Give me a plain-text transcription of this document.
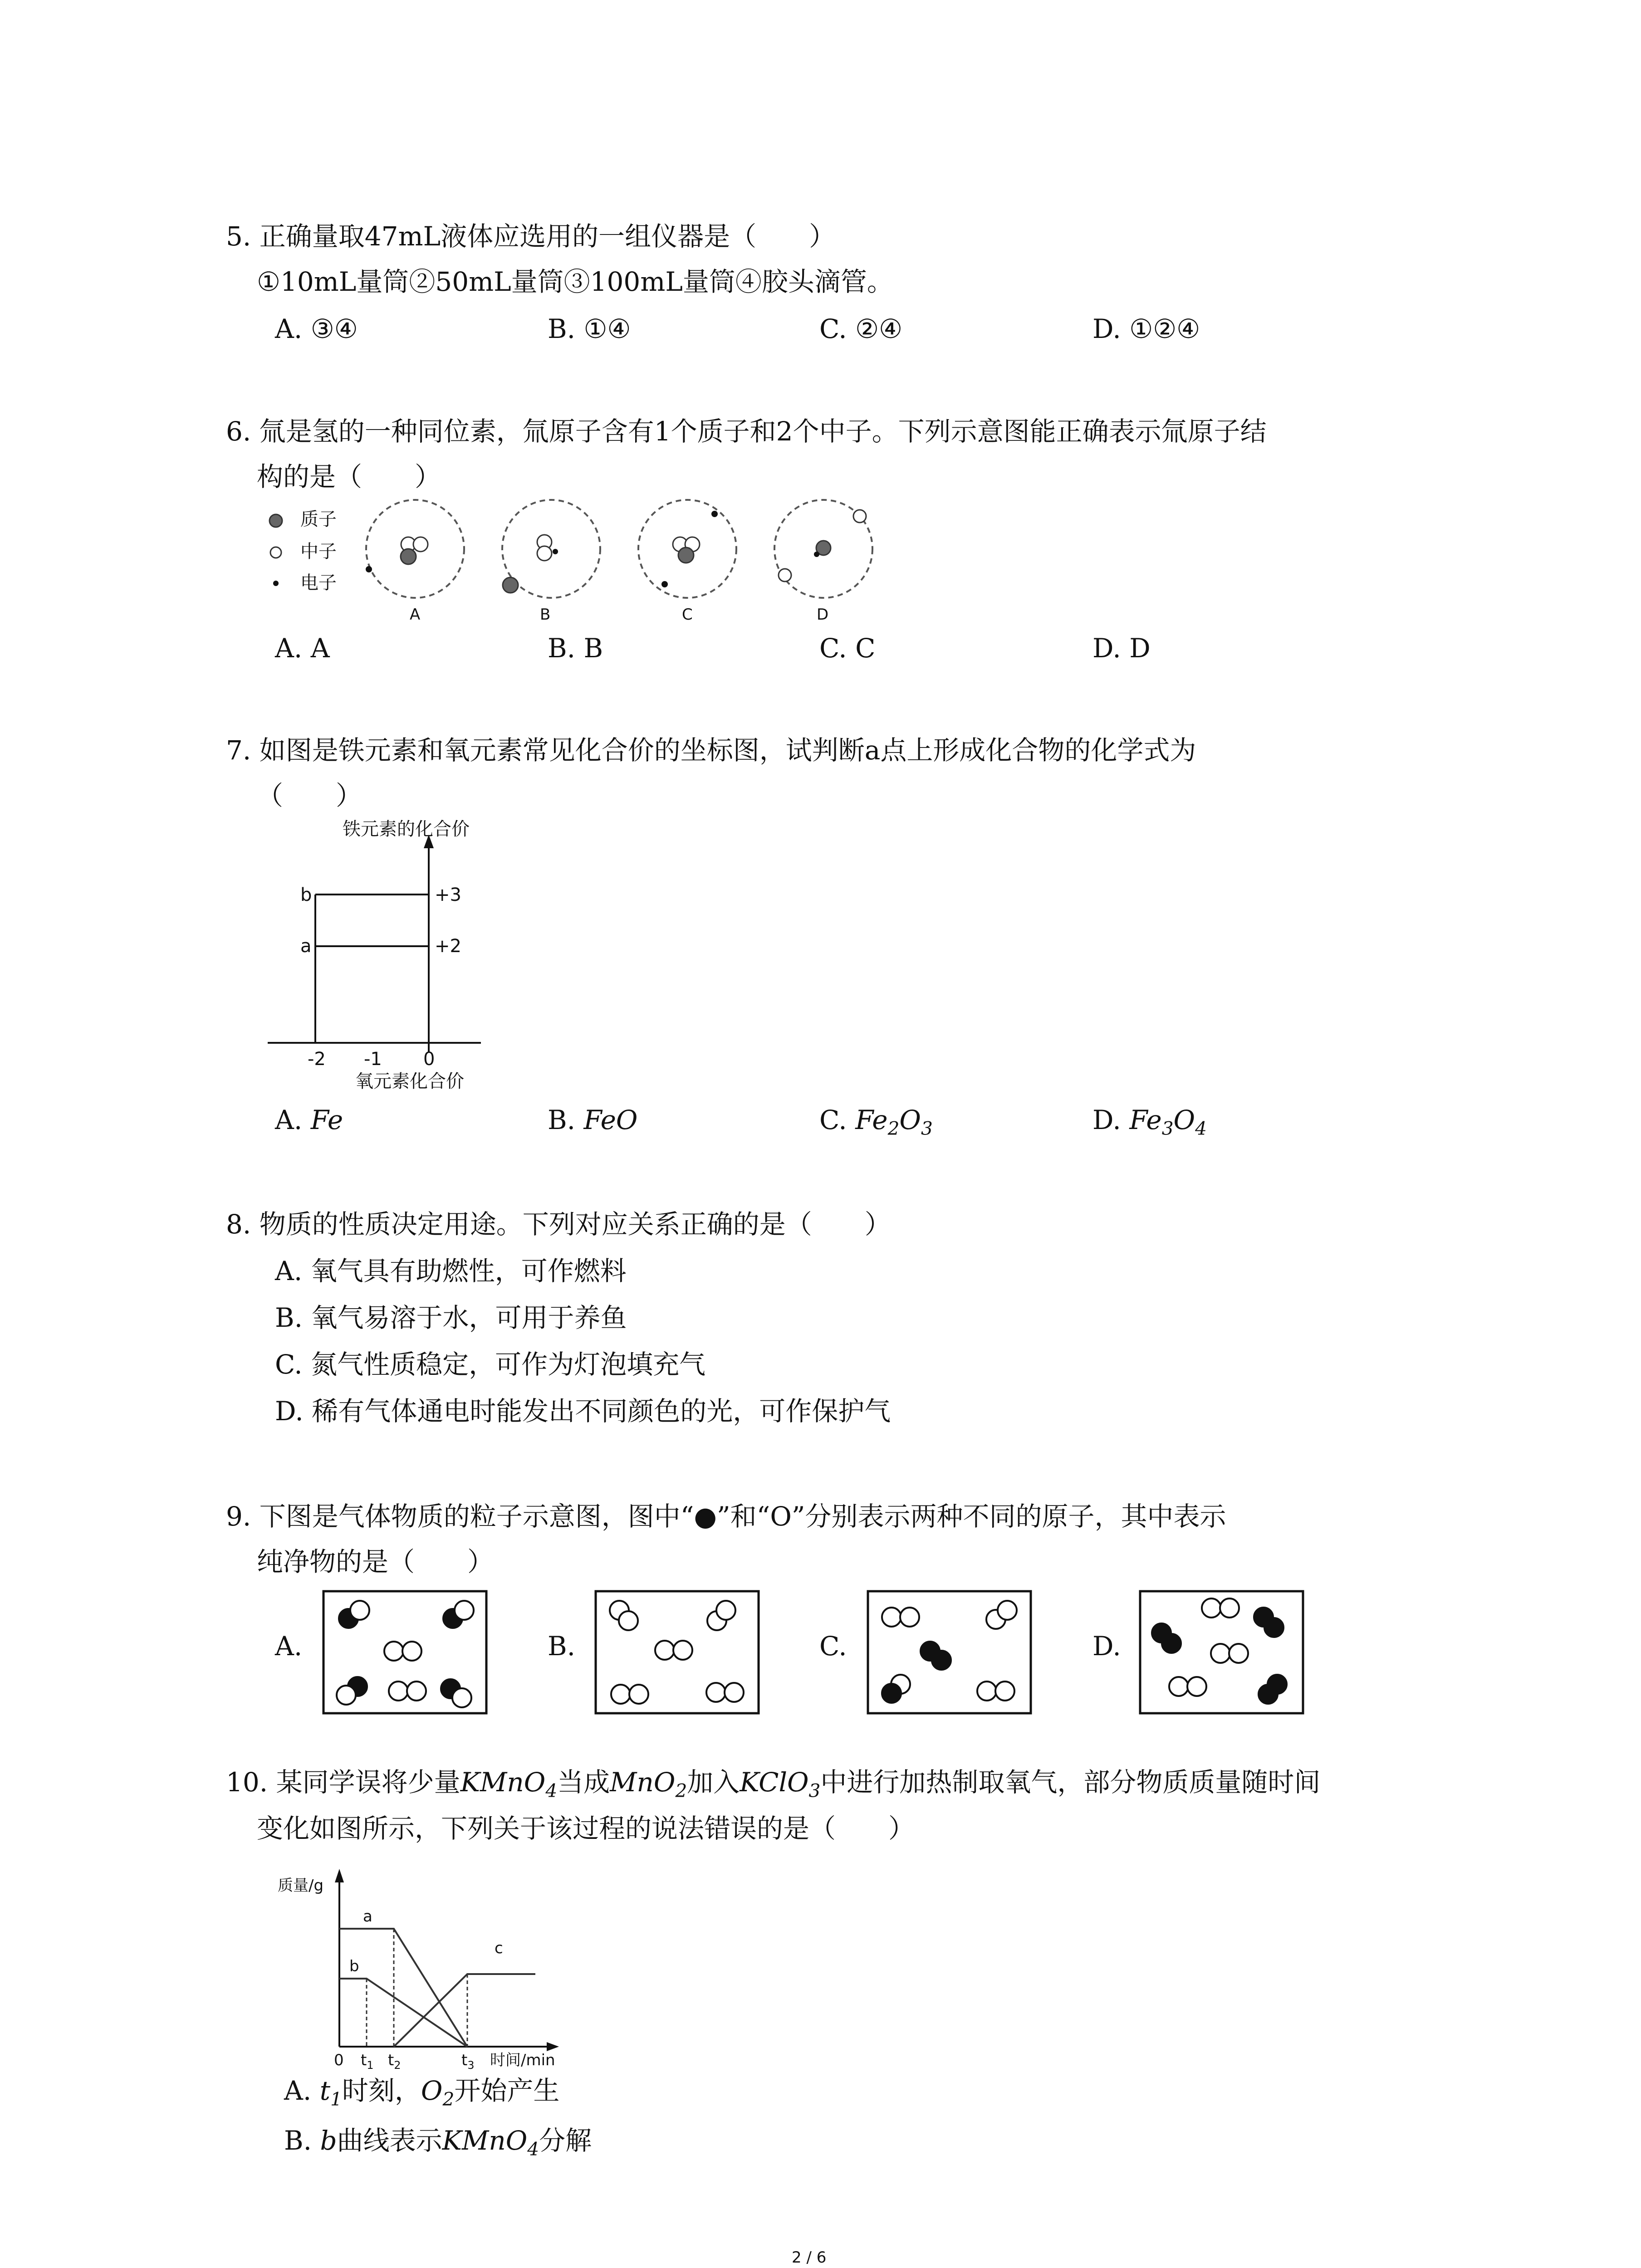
5. 正确量取47mL液体应选用的一组仪器是（　　）
①10mL量筒②50mL量筒③100mL量筒④胶头滴管。
A. ③④	B. ①④	C. ②④	D. ①②④
6. 氚是氢的一种同位素，氚原子含有1个质子和2个中子。下列示意图能正确表示氚原子结
构的是（　　）
质子
中子
电子
A	B	C	D
A. A	B. B	C. C	D. D
7. 如图是铁元素和氧元素常见化合价的坐标图，试判断a点上形成化合物的化学式为
（　　）
铁元素的化合价
b
a
+3
+2
-2 -1 0
氧元素化合价
A. Fe	B. FeO	C. $Fe_2O_3$	D. $Fe_3O_4$
8. 物质的性质决定用途。下列对应关系正确的是（　　）
A. 氧气具有助燃性，可作燃料
B. 氧气易溶于水，可用于养鱼
C. 氮气性质稳定，可作为灯泡填充气
D. 稀有气体通电时能发出不同颜色的光，可作保护气
9. 下图是气体物质的粒子示意图，图中“●”和“O”分别表示两种不同的原子，其中表示
纯净物的是（　　）
A.	B.	C.	D.
10. 某同学误将少量KMnO$_4$当成MnO$_2$加入KClO$_3$中进行加热制取氧气，部分物质质量随时间
变化如图所示，下列关于该过程的说法错误的是（　　）
质量/g
a
b
c
0 $t_1$ $t_2$	$t_3$ 时间/min
A. $t_1$时刻，$O_2$开始产生
B. b曲线表示KMnO$_4$分解
2 / 6
